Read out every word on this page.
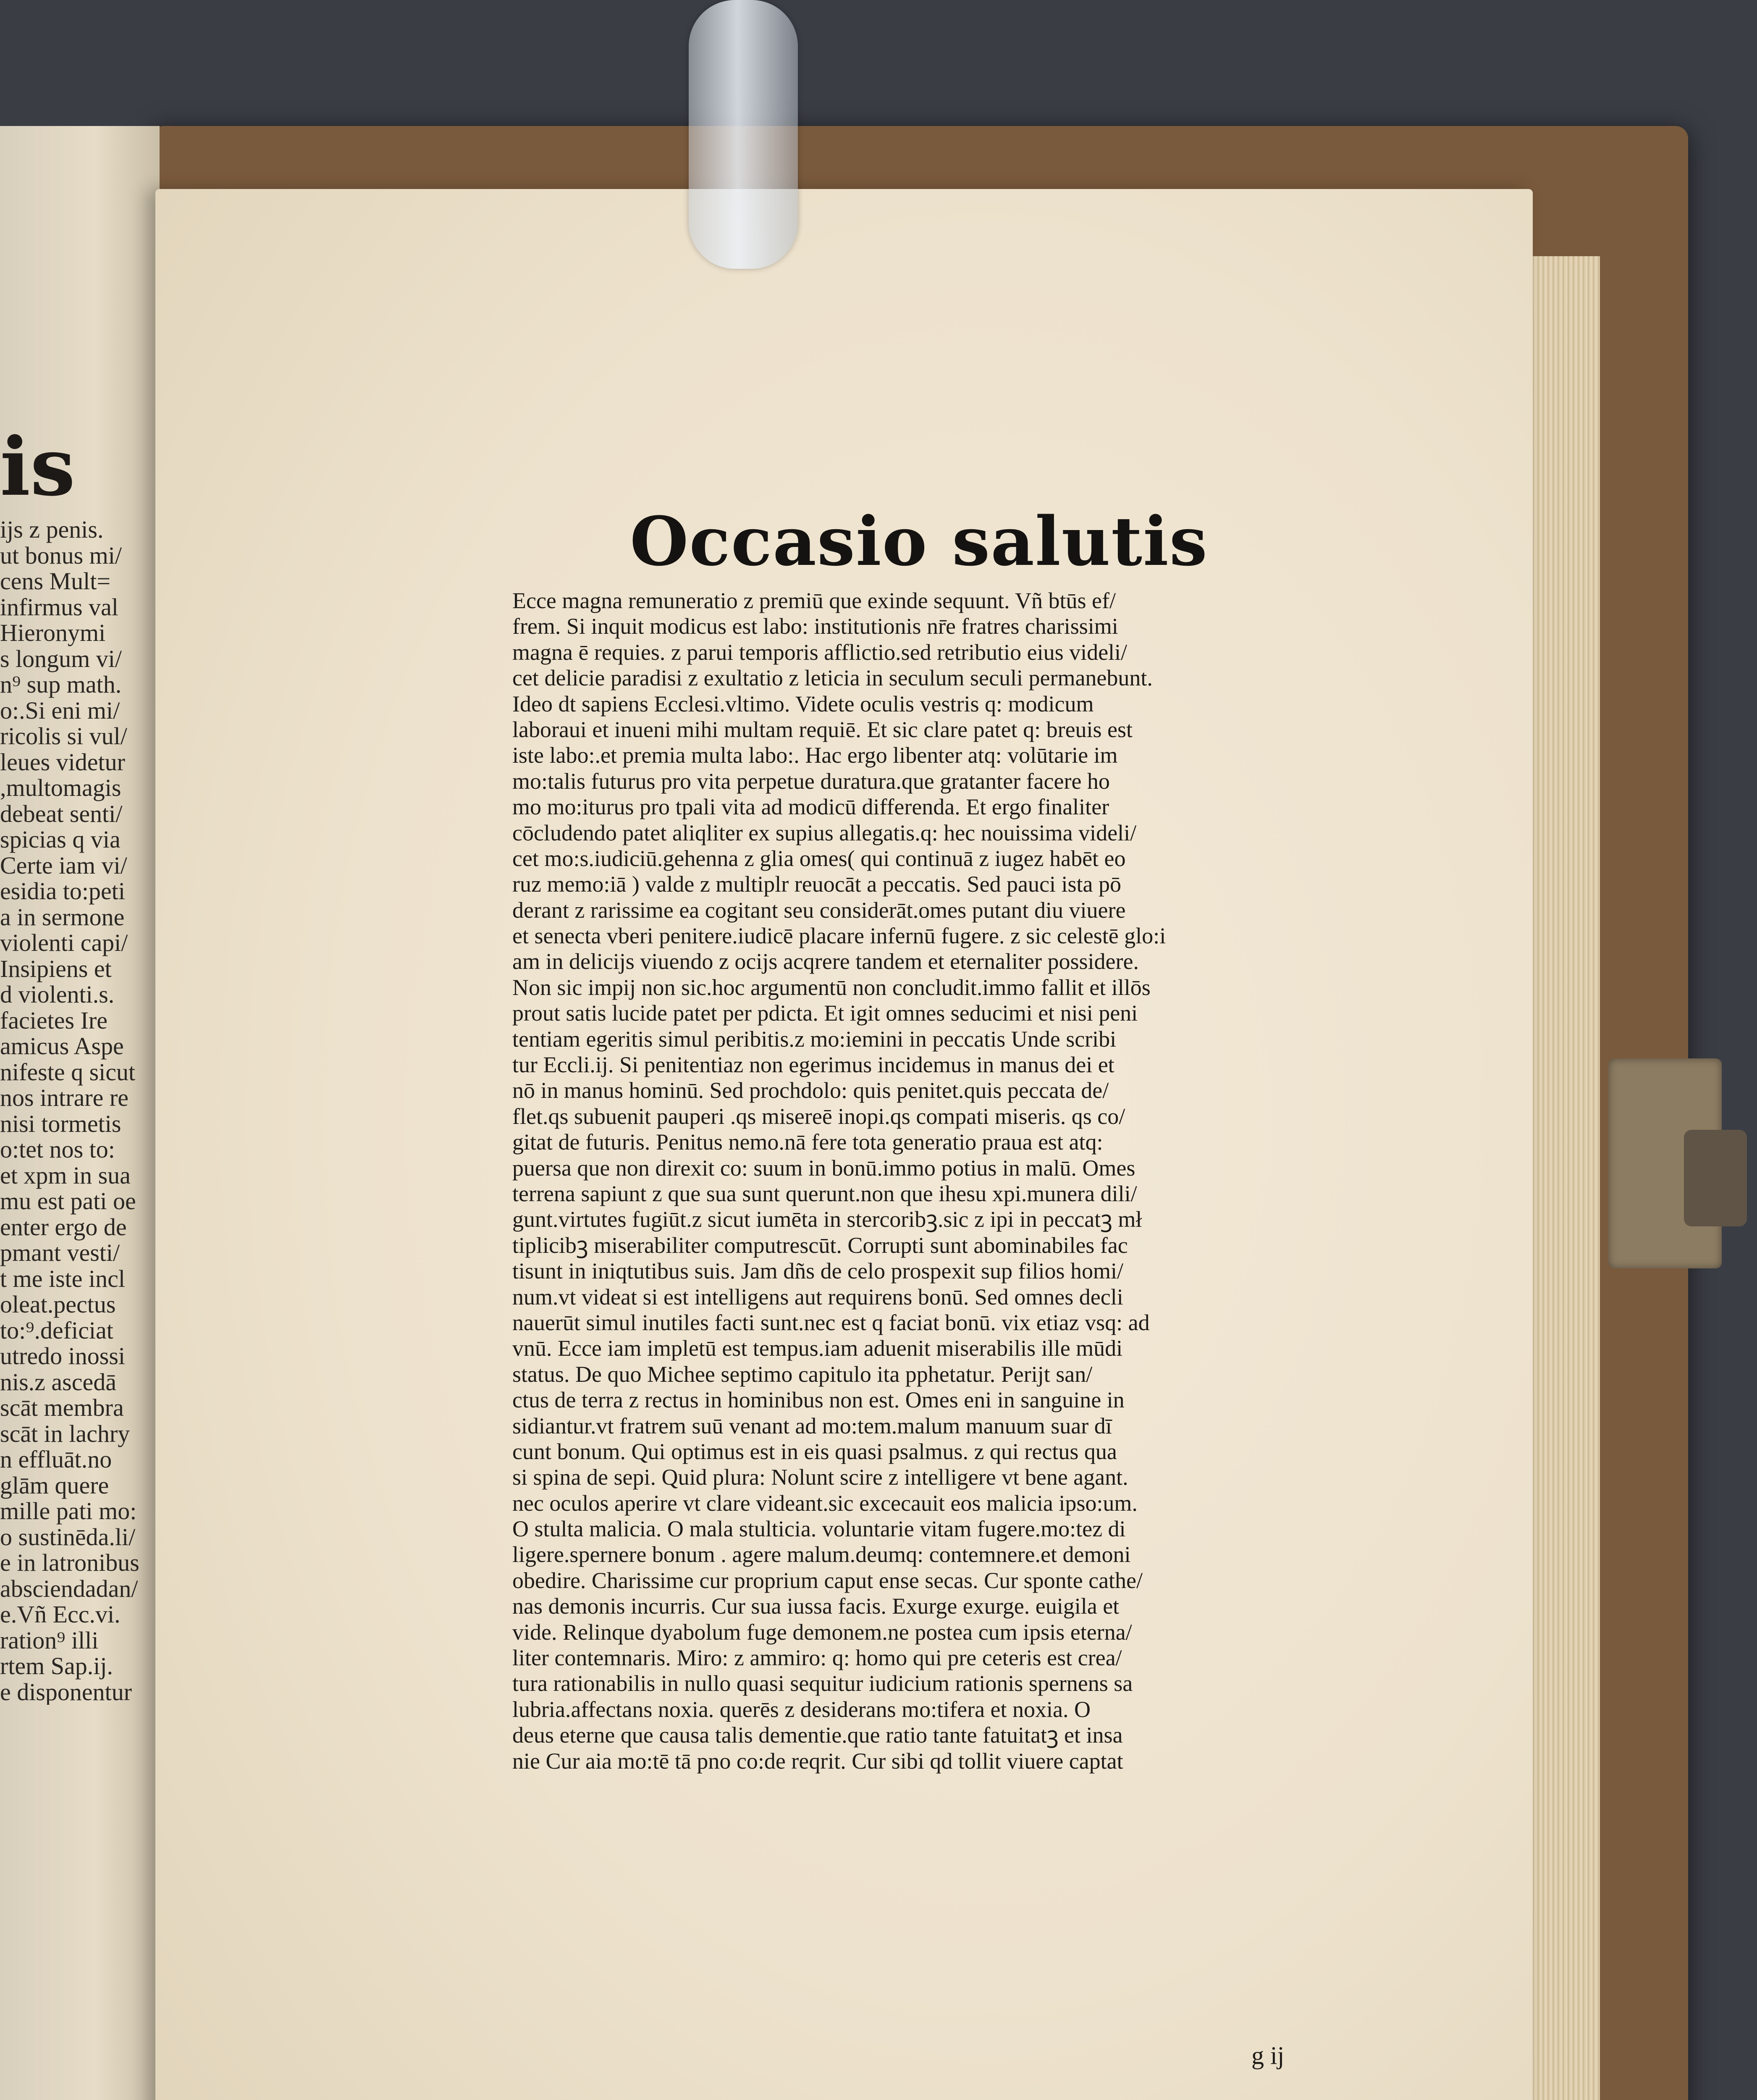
is
ijs z penis.
ut bonus mi/
cens Mult=
infirmus val
Hieronymi
s longum vi/
n⁹ sup math.
o:.Si eni mi/
ricolis si vul/
leues videtur
,multomagis
debeat senti/
spicias q via
Certe iam vi/
esidia to:peti
a in sermone
violenti capi/
Insipiens et
d violenti.s.
facietes Ire
amicus Aspe
nifeste q sicut
nos intrare re
nisi tormetis
o:tet nos to:
et xpm in sua
mu est pati oe
enter ergo de
pmant vesti/
t me iste incl
oleat.pectus
to:⁹.deficiat
utredo inossi
nis.z ascedā
scāt membra
scāt in lachry
n effluāt.no
glām quere
mille pati mo:
o sustinēda.li/
e in latronibus
absciendadan/
e.Vñ Ecc.vi.
ration⁹ illi
rtem Sap.ij.
e disponentur
Occasio salutis
Ecce magna remuneratio z premiū que exinde sequunt. Vñ btūs ef/
frem. Si inquit modicus est labo: institutionis nr̄e fratres charissimi
magna ē requies. z parui temporis afflictio.sed retributio eius videli/
cet delicie paradisi z exultatio z leticia in seculum seculi permanebunt.
Ideo dt sapiens Ecclesi.vltimo. Videte oculis vestris q: modicum
laboraui et inueni mihi multam requiē. Et sic clare patet q: breuis est
iste labo:.et premia multa labo:. Hac ergo libenter atq: volūtarie im
mo:talis futurus pro vita perpetue duratura.que gratanter facere ho
mo mo:iturus pro tpali vita ad modicū differenda. Et ergo finaliter
cōcludendo patet aliqliter ex supius allegatis.q: hec nouissima videli/
cet mo:s.iudiciū.gehenna z glia omes( qui continuā z iugez habēt eo
ruz memo:iā ) valde z multiplr reuocāt a peccatis. Sed pauci ista pō
derant z rarissime ea cogitant seu considerāt.omes putant diu viuere
et senecta vberi penitere.iudicē placare infernū fugere. z sic celestē glo:i
am in delicijs viuendo z ocijs acqrere tandem et eternaliter possidere.
Non sic impij non sic.hoc argumentū non concludit.immo fallit et illōs
prout satis lucide patet per pdicta. Et igit omnes seducimi et nisi peni
tentiam egeritis simul peribitis.z mo:iemini in peccatis Unde scribi
tur Eccli.ij. Si penitentiaz non egerimus incidemus in manus dei et
nō in manus hominū. Sed prochdolo: quis penitet.quis peccata de/
flet.qs subuenit pauperi .qs misereē inopi.qs compati miseris. qs co/
gitat de futuris. Penitus nemo.nā fere tota generatio praua est atq:
puersa que non direxit co: suum in bonū.immo potius in malū. Omes
terrena sapiunt z que sua sunt querunt.non que ihesu xpi.munera dili/
gunt.virtutes fugiūt.z sicut iumēta in stercoribꝫ.sic z ipi in peccatꝫ mł
tiplicibꝫ miserabiliter computrescūt. Corrupti sunt abominabiles fac
tisunt in iniqtutibus suis. Jam dñs de celo prospexit sup filios homi/
num.vt videat si est intelligens aut requirens bonū. Sed omnes decli
nauerūt simul inutiles facti sunt.nec est q faciat bonū. vix etiaz vsq: ad
vnū. Ecce iam impletū est tempus.iam aduenit miserabilis ille mūdi
status. De quo Michee septimo capitulo ita pphetatur. Perijt san/
ctus de terra z rectus in hominibus non est. Omes eni in sanguine in
sidiantur.vt fratrem suū venant ad mo:tem.malum manuum suar dī
cunt bonum. Qui optimus est in eis quasi psalmus. z qui rectus qua
si spina de sepi. Quid plura: Nolunt scire z intelligere vt bene agant.
nec oculos aperire vt clare videant.sic excecauit eos malicia ipso:um.
O stulta malicia. O mala stulticia. voluntarie vitam fugere.mo:tez di
ligere.spernere bonum . agere malum.deumq: contemnere.et demoni
obedire. Charissime cur proprium caput ense secas. Cur sponte cathe/
nas demonis incurris. Cur sua iussa facis. Exurge exurge. euigila et
vide. Relinque dyabolum fuge demonem.ne postea cum ipsis eterna/
liter contemnaris. Miro: z ammiro: q: homo qui pre ceteris est crea/
tura rationabilis in nullo quasi sequitur iudicium rationis spernens sa
lubria.affectans noxia. querēs z desiderans mo:tifera et noxia. O
deus eterne que causa talis dementie.que ratio tante fatuitatꝫ et insa
nie Cur aia mo:tē tā pno co:de reqrit. Cur sibi qd tollit viuere captat
g ij
